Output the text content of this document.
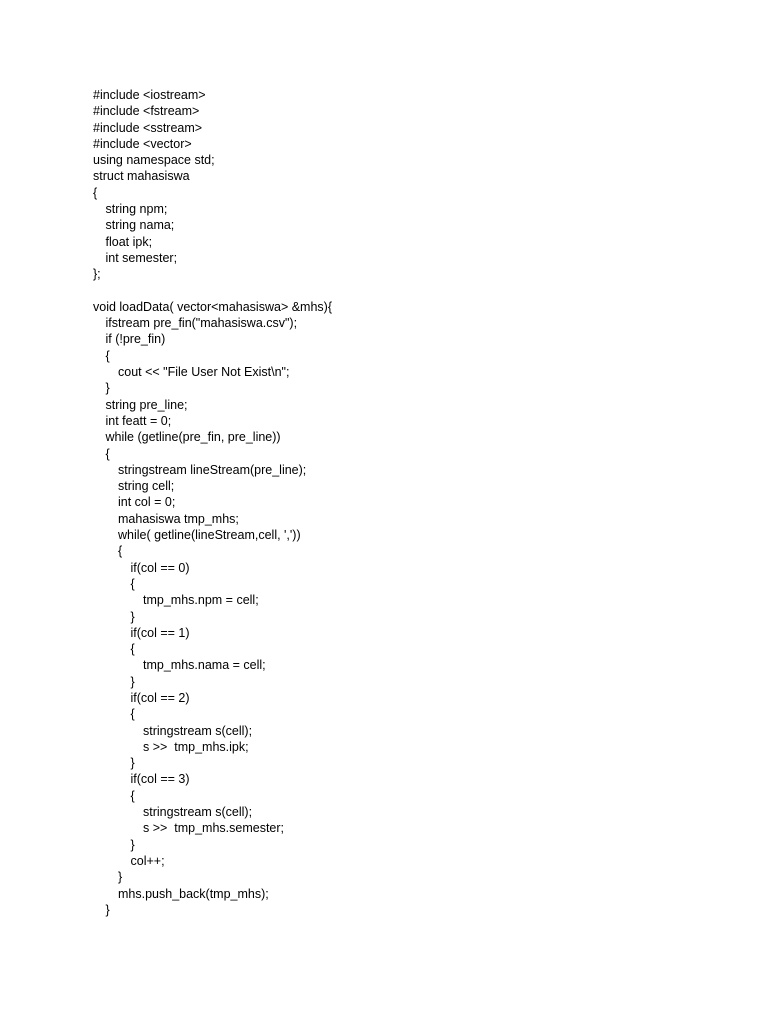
#include <iostream>
#include <fstream>
#include <sstream>
#include <vector>
using namespace std;
struct mahasiswa
{
string npm;
string nama;
float ipk;
int semester;
};
void loadData( vector<mahasiswa> &mhs){
ifstream pre_fin("mahasiswa.csv");
if (!pre_fin)
{
cout << "File User Not Exist\n";
}
string pre_line;
int featt = 0;
while (getline(pre_fin, pre_line))
{
stringstream lineStream(pre_line);
string cell;
int col = 0;
mahasiswa tmp_mhs;
while( getline(lineStream,cell, ','))
{
if(col == 0)
{
tmp_mhs.npm = cell;
}
if(col == 1)
{
tmp_mhs.nama = cell;
}
if(col == 2)
{
stringstream s(cell);
s >>  tmp_mhs.ipk;
}
if(col == 3)
{
stringstream s(cell);
s >>  tmp_mhs.semester;
}
col++;
}
mhs.push_back(tmp_mhs);
}
